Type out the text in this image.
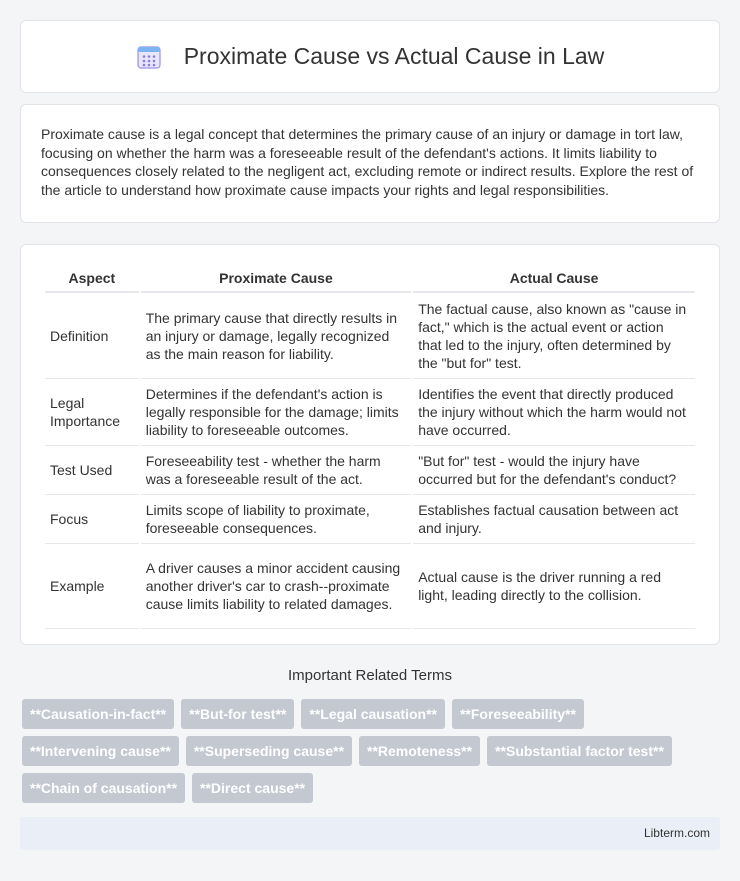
Proximate Cause vs Actual Cause in Law

Proximate cause is a legal concept that determines the primary cause of an injury or damage in tort law, focusing on whether the harm was a foreseeable result of the defendant's actions. It limits liability to consequences closely related to the negligent act, excluding remote or indirect results. Explore the rest of the article to understand how proximate cause impacts your rights and legal responsibilities.

Aspect	Proximate Cause	Actual Cause
Definition	The primary cause that directly results in an injury or damage, legally recognized as the main reason for liability.	The factual cause, also known as "cause in fact," which is the actual event or action that led to the injury, often determined by the "but for" test.
Legal Importance	Determines if the defendant's action is legally responsible for the damage; limits liability to foreseeable outcomes.	Identifies the event that directly produced the injury without which the harm would not have occurred.
Test Used	Foreseeability test - whether the harm was a foreseeable result of the act.	"But for" test - would the injury have occurred but for the defendant's conduct?
Focus	Limits scope of liability to proximate, foreseeable consequences.	Establishes factual causation between act and injury.
Example	A driver causes a minor accident causing another driver's car to crash--proximate cause limits liability to related damages.	Actual cause is the driver running a red light, leading directly to the collision.
Important Related Terms
**Causation-in-fact**	**But-for test**	**Legal causation**	**Foreseeability**
**Intervening cause**	**Superseding cause**	**Remoteness**	**Substantial factor test**
**Chain of causation**	**Direct cause**
Libterm.com
